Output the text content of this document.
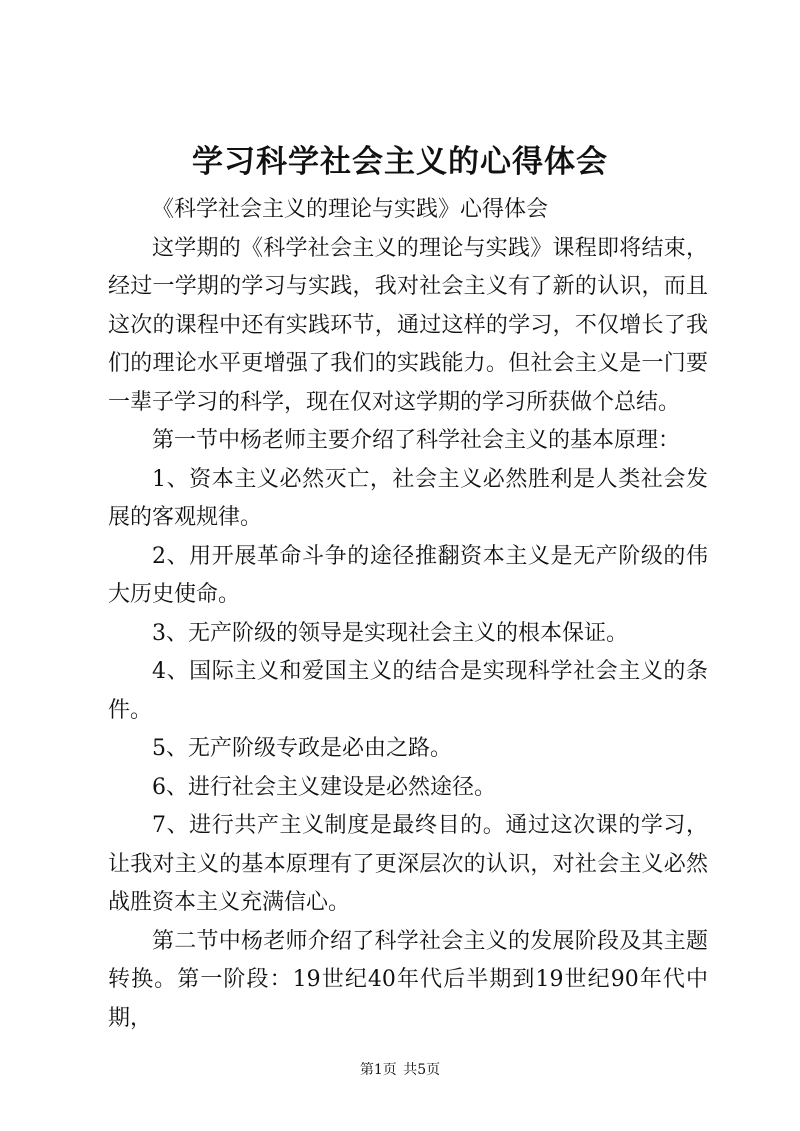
学习科学社会主义的心得体会

《科学社会主义的理论与实践》心得体会

这学期的《科学社会主义的理论与实践》课程即将结束，经过一学期的学习与实践，我对社会主义有了新的认识，而且这次的课程中还有实践环节，通过这样的学习，不仅增长了我们的理论水平更增强了我们的实践能力。但社会主义是一门要一辈子学习的科学，现在仅对这学期的学习所获做个总结。

第一节中杨老师主要介绍了科学社会主义的基本原理：

1、资本主义必然灭亡，社会主义必然胜利是人类社会发展的客观规律。

2、用开展革命斗争的途径推翻资本主义是无产阶级的伟大历史使命。

3、无产阶级的领导是实现社会主义的根本保证。

4、国际主义和爱国主义的结合是实现科学社会主义的条件。

5、无产阶级专政是必由之路。

6、进行社会主义建设是必然途径。

7、进行共产主义制度是最终目的。通过这次课的学习，让我对主义的基本原理有了更深层次的认识，对社会主义必然战胜资本主义充满信心。

第二节中杨老师介绍了科学社会主义的发展阶段及其主题转换。第一阶段：19世纪40年代后半期到19世纪90年代中期，

第1页 共5页
